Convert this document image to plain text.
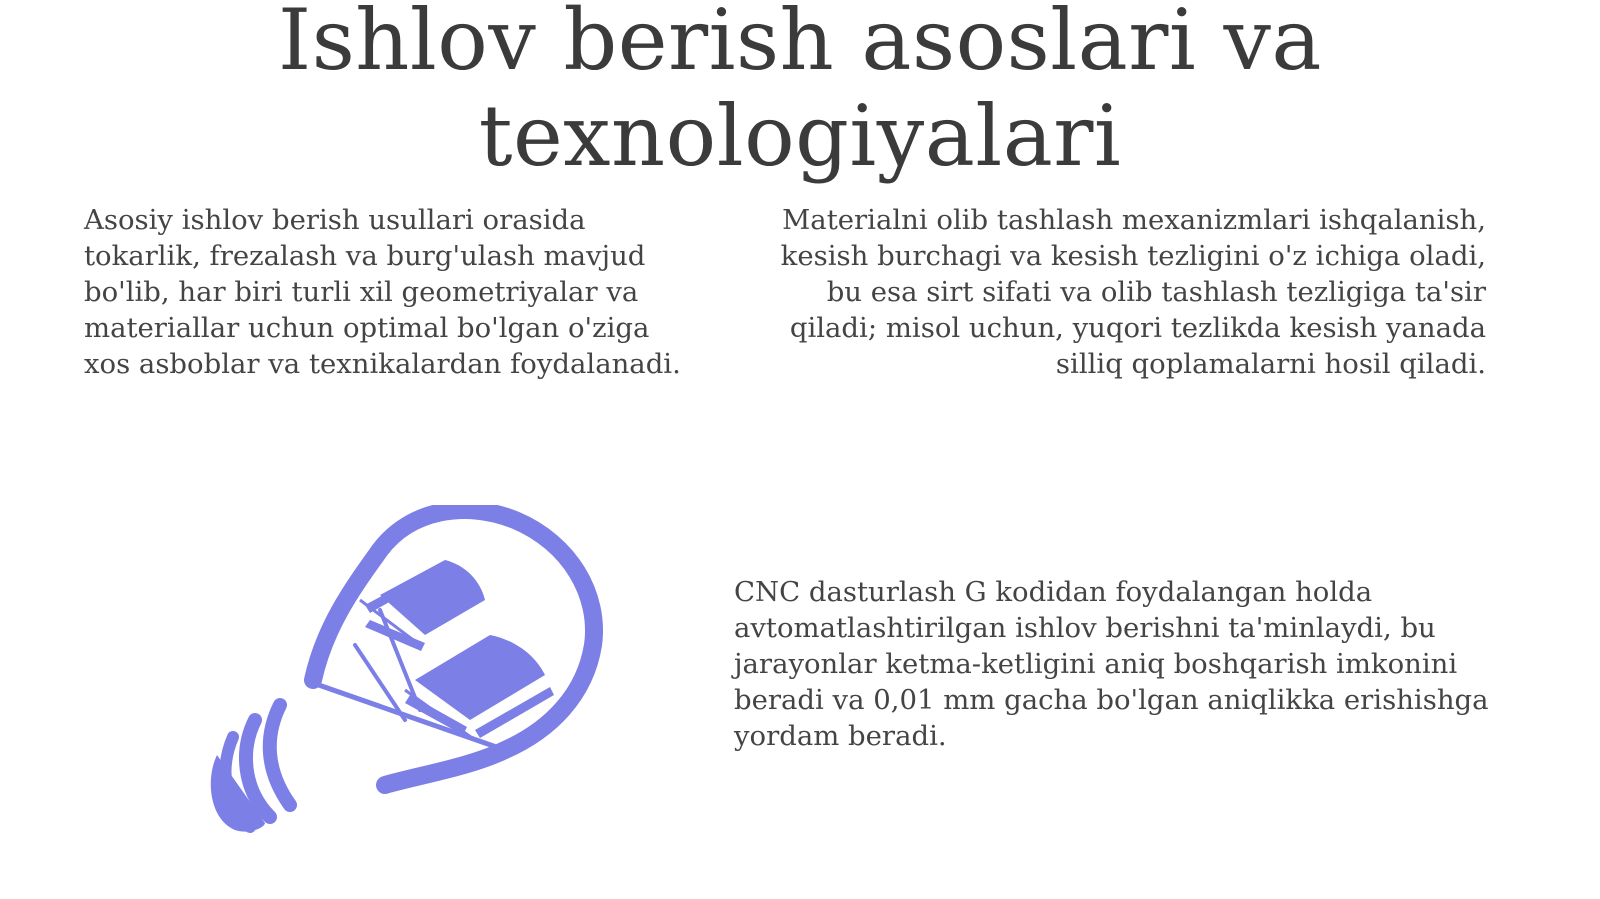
Ishlov berish asoslari va texnologiyalari

Asosiy ishlov berish usullari orasida tokarlik, frezalash va burg'ulash mavjud bo'lib, har biri turli xil geometriyalar va materiallar uchun optimal bo'lgan o'ziga xos asboblar va texnikalardan foydalanadi.

Materialni olib tashlash mexanizmlari ishqalanish, kesish burchagi va kesish tezligini o'z ichiga oladi, bu esa sirt sifati va olib tashlash tezligiga ta'sir qiladi; misol uchun, yuqori tezlikda kesish yanada silliq qoplamalarni hosil qiladi.

CNC dasturlash G kodidan foydalangan holda avtomatlashtirilgan ishlov berishni ta'minlaydi, bu jarayonlar ketma-ketligini aniq boshqarish imkonini beradi va 0,01 mm gacha bo'lgan aniqlikka erishishga yordam beradi.
